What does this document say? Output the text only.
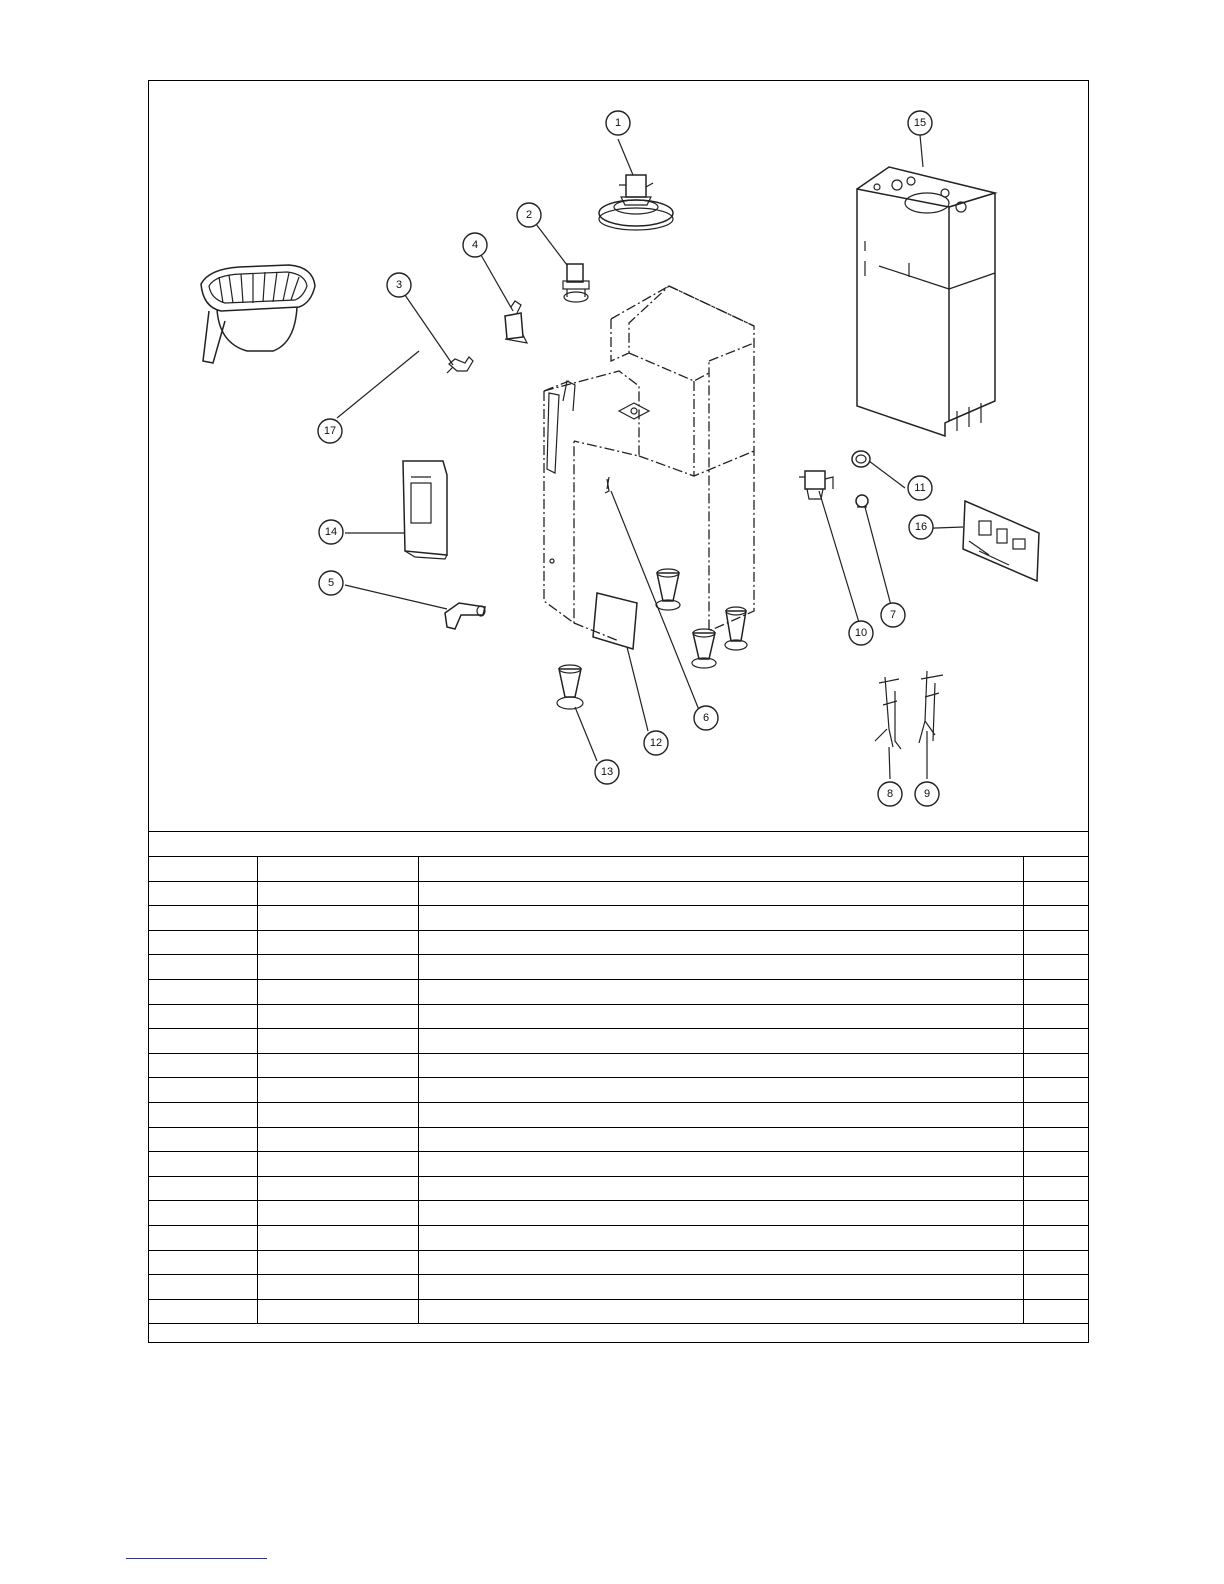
1
2
3
4
5
6
7
8	9
10
11
12
13
14
15
16
17
